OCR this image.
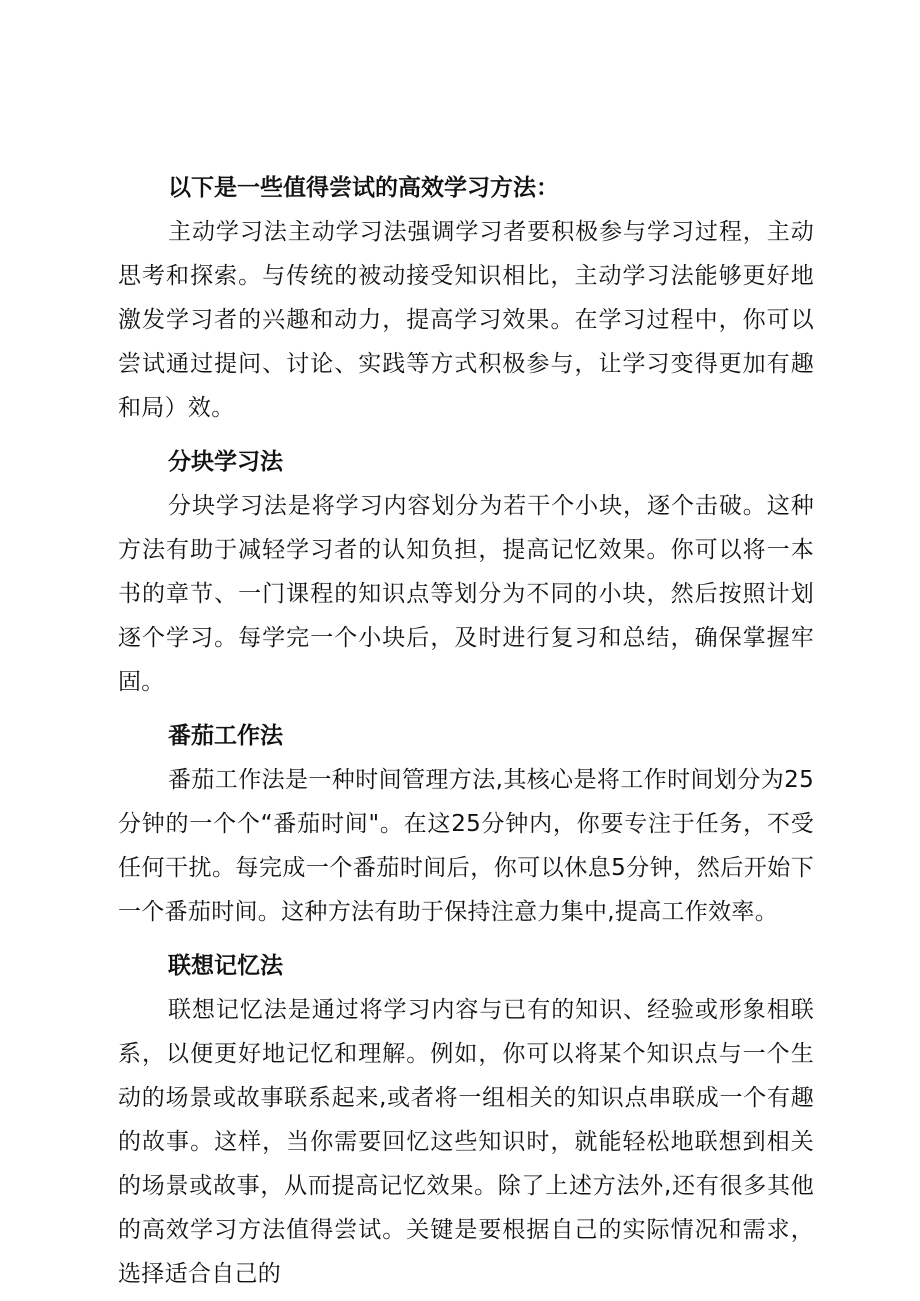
以下是一些值得尝试的高效学习方法：

主动学习法主动学习法强调学习者要积极参与学习过程，主动思考和探索。与传统的被动接受知识相比，主动学习法能够更好地激发学习者的兴趣和动力，提高学习效果。在学习过程中，你可以尝试通过提问、讨论、实践等方式积极参与，让学习变得更加有趣和局）效。

分块学习法

分块学习法是将学习内容划分为若干个小块，逐个击破。这种方法有助于减轻学习者的认知负担，提高记忆效果。你可以将一本书的章节、一门课程的知识点等划分为不同的小块，然后按照计划逐个学习。每学完一个小块后，及时进行复习和总结，确保掌握牢固。

番茄工作法

番茄工作法是一种时间管理方法,其核心是将工作时间划分为25分钟的一个个“番茄时间"。在这25分钟内，你要专注于任务，不受任何干扰。每完成一个番茄时间后，你可以休息5分钟，然后开始下一个番茄时间。这种方法有助于保持注意力集中,提高工作效率。

联想记忆法

联想记忆法是通过将学习内容与已有的知识、经验或形象相联系，以便更好地记忆和理解。例如，你可以将某个知识点与一个生动的场景或故事联系起来,或者将一组相关的知识点串联成一个有趣的故事。这样，当你需要回忆这些知识时，就能轻松地联想到相关的场景或故事，从而提高记忆效果。除了上述方法外,还有很多其他的高效学习方法值得尝试。关键是要根据自己的实际情况和需求，选择适合自己的
